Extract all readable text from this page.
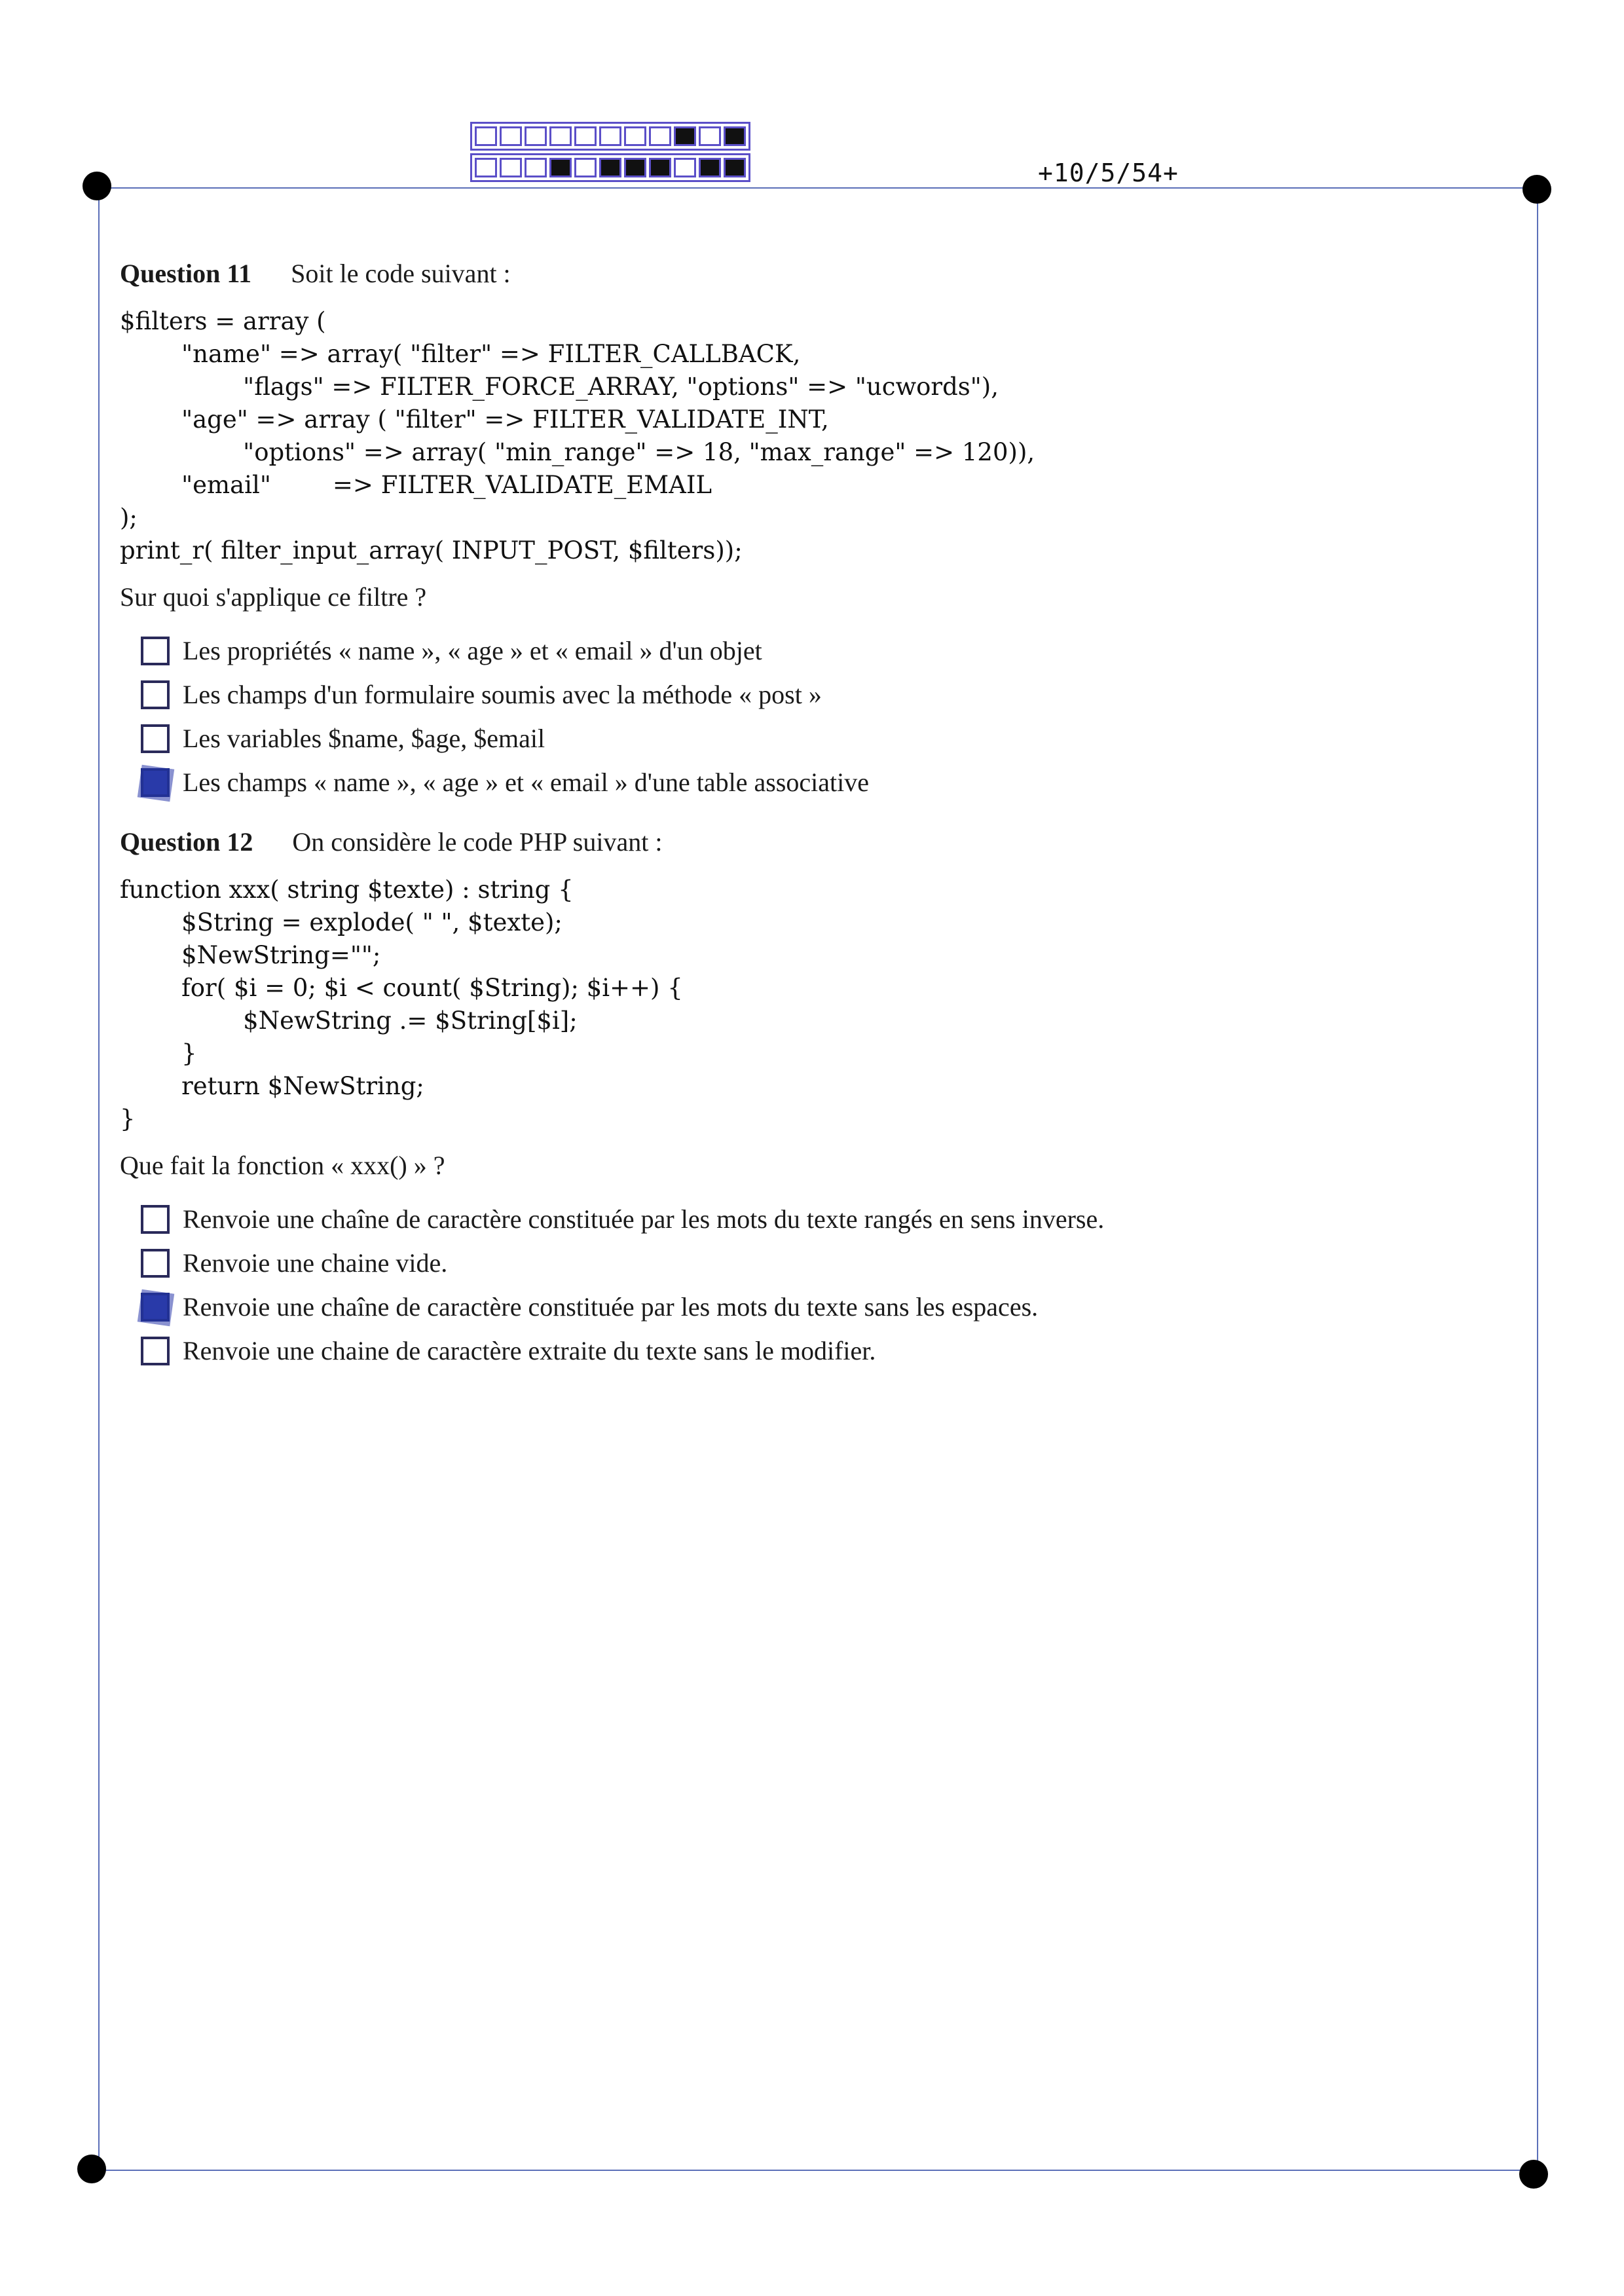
+10/5/54+

Question 11 Soit le code suivant :

$filters = array (
"name" => array( "filter" => FILTER_CALLBACK,
"flags" => FILTER_FORCE_ARRAY, "options" => "ucwords"),
"age" => array ( "filter" => FILTER_VALIDATE_INT,
"options" => array( "min_range" => 18, "max_range" => 120)),
"email"        => FILTER_VALIDATE_EMAIL
);
print_r( filter_input_array( INPUT_POST, $filters));

Sur quoi s'applique ce filtre ?

Les propriétés « name », « age » et « email » d'un objet
Les champs d'un formulaire soumis avec la méthode « post »
Les variables $name, $age, $email
Les champs « name », « age » et « email » d'une table associative

Question 12 On considère le code PHP suivant :

function xxx( string $texte) : string {
$String = explode( " ", $texte);
$NewString="";
for( $i = 0; $i < count( $String); $i++) {
$NewString .= $String[$i];
}
return $NewString;
}

Que fait la fonction « xxx() » ?

Renvoie une chaîne de caractère constituée par les mots du texte rangés en sens inverse.
Renvoie une chaine vide.
Renvoie une chaîne de caractère constituée par les mots du texte sans les espaces.
Renvoie une chaine de caractère extraite du texte sans le modifier.
